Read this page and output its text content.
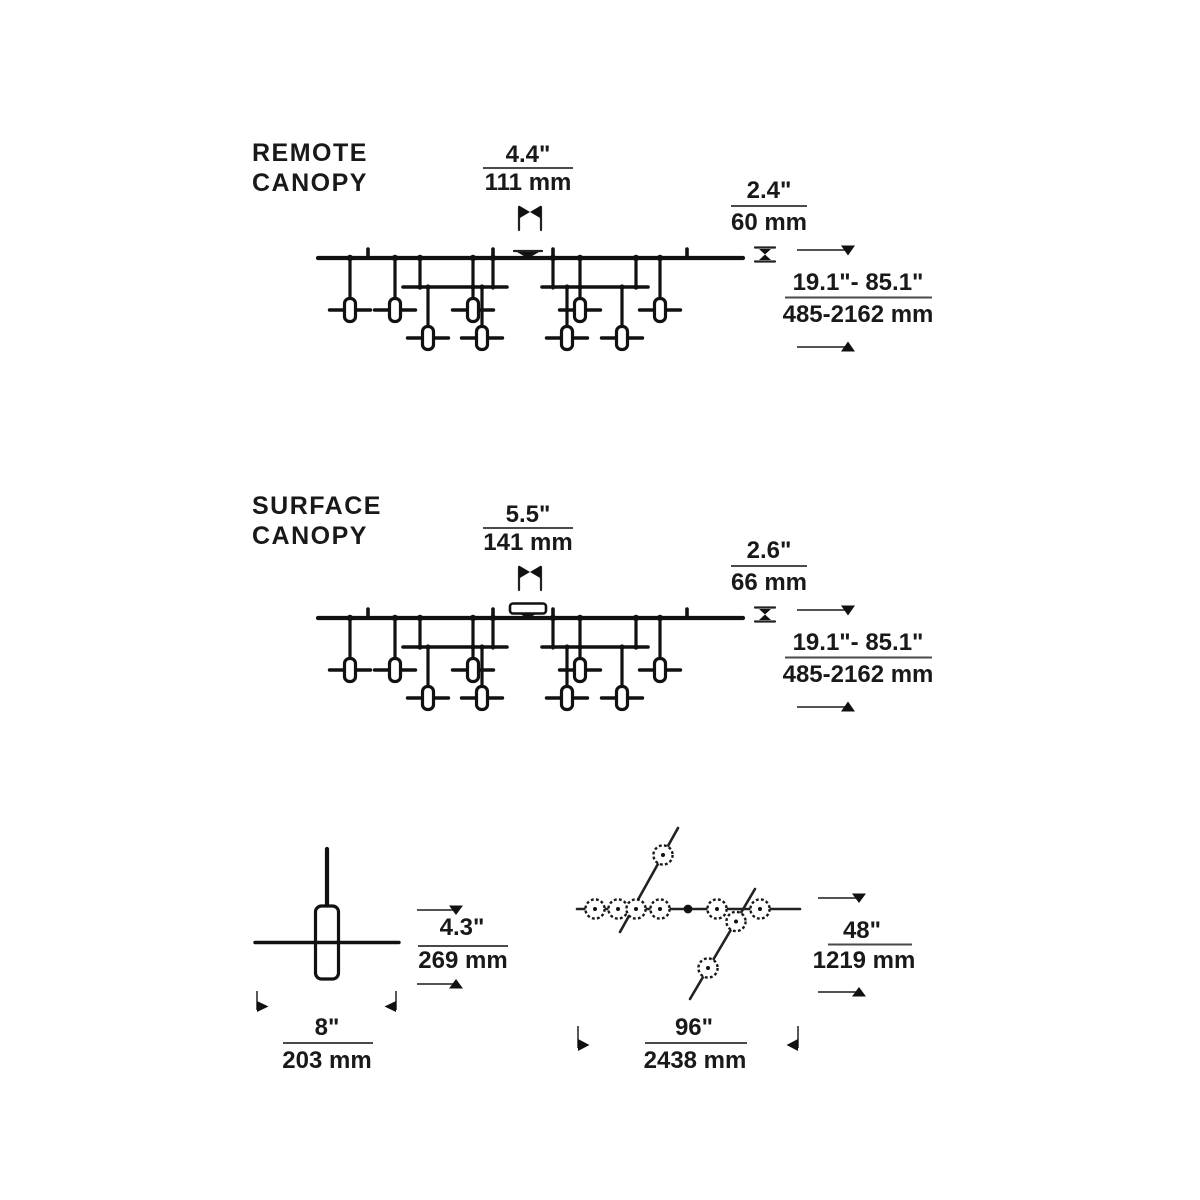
REMOTE
CANOPY
4.4"
111 mm	2.4"
60 mm
19.1"- 85.1"
485-2162 mm
SURFACE
CANOPY
5.5"
141 mm	2.6"
66 mm
19.1"- 85.1"
485-2162 mm
4.3"
269 mm
8"
203 mm
48"
1219 mm
96"
2438 mm
